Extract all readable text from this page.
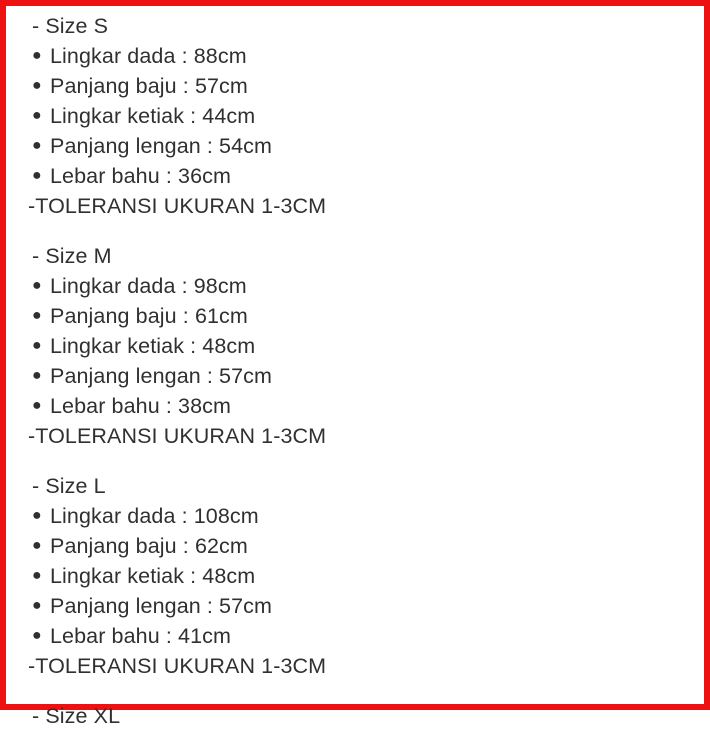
- Size S
● Lingkar dada : 88cm
● Panjang baju : 57cm
● Lingkar ketiak : 44cm
● Panjang lengan : 54cm
● Lebar bahu : 36cm
-TOLERANSI UKURAN 1-3CM
- Size M
● Lingkar dada : 98cm
● Panjang baju : 61cm
● Lingkar ketiak : 48cm
● Panjang lengan : 57cm
● Lebar bahu : 38cm
-TOLERANSI UKURAN 1-3CM
- Size L
● Lingkar dada : 108cm
● Panjang baju : 62cm
● Lingkar ketiak : 48cm
● Panjang lengan : 57cm
● Lebar bahu : 41cm
-TOLERANSI UKURAN 1-3CM
- Size XL
